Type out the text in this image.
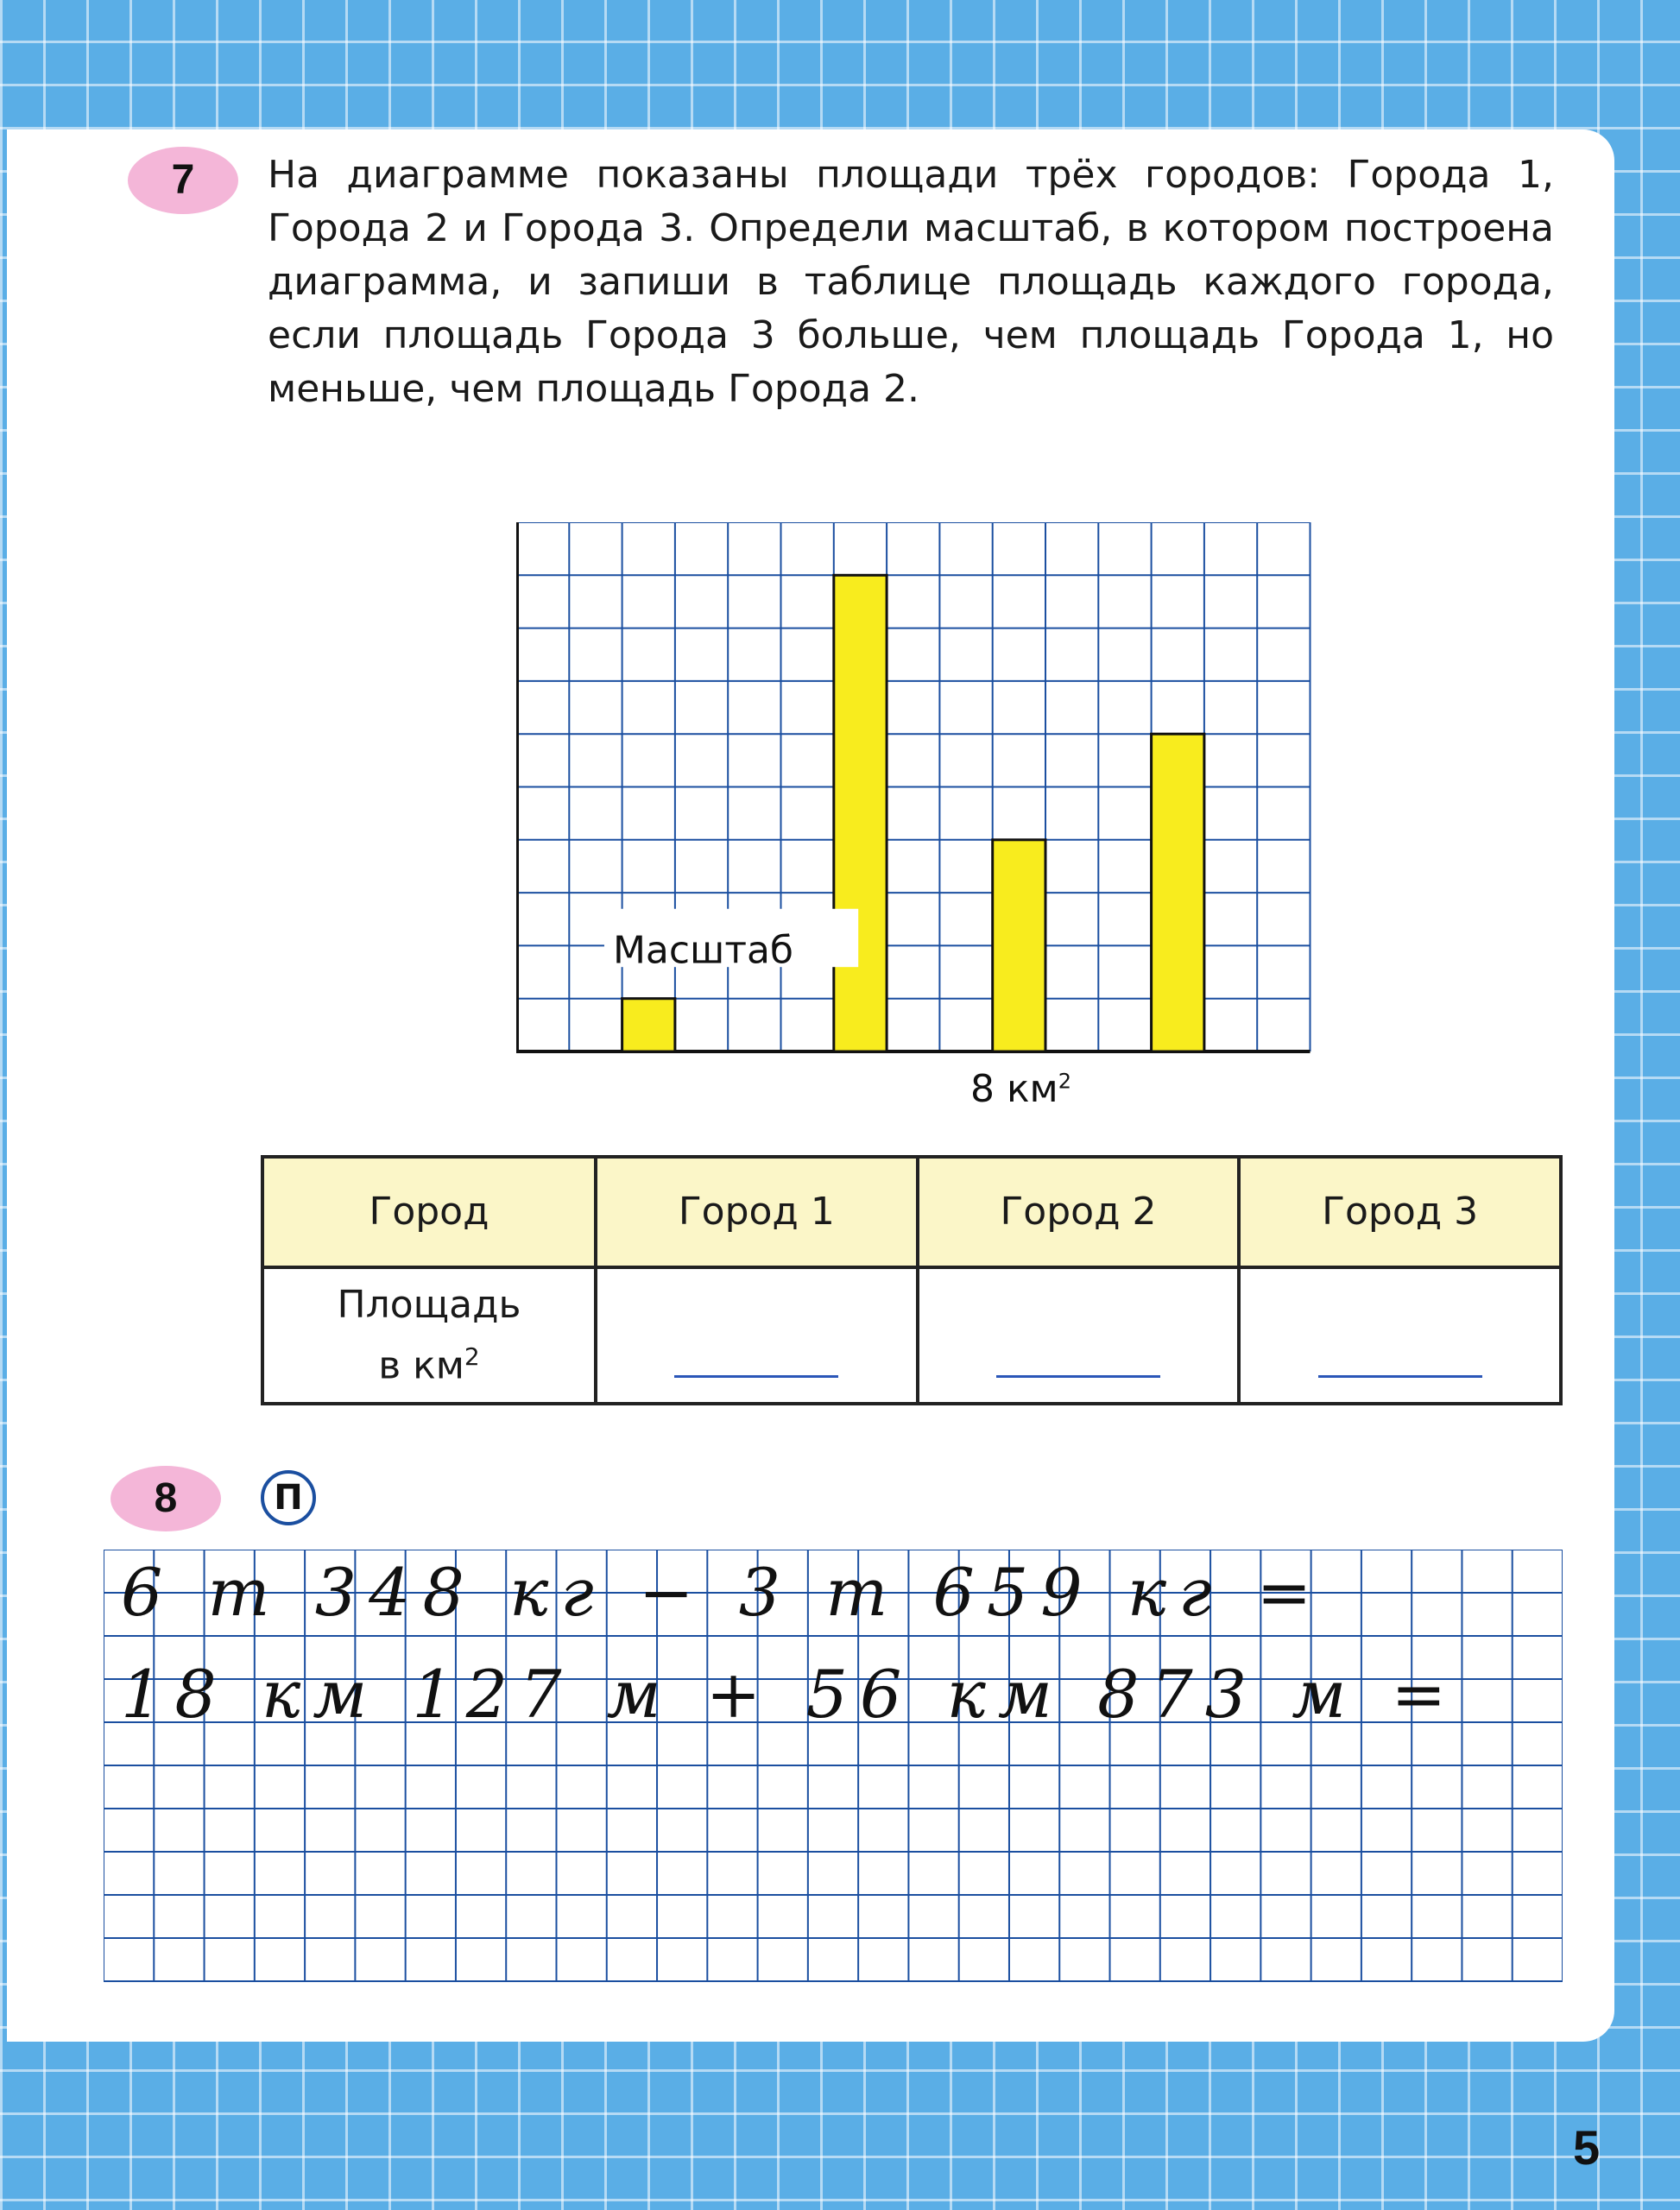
7	На диаграмме показаны площади трёх городов: Города 1, Города 2 и Города 3. Определи масштаб, в котором построена диаграмма, и запиши в таблице площадь каждого города, если площадь Города 3 больше, чем площадь Города 1, но меньше, чем площадь Города 2.

Масштаб
8 $км^2$
Город	Город 1	Город 2	Город 3

Площадь
в $км^2$

8	П
6 т 348 кг − 3 т 659 кг =
18 км 127 м + 56 км 873 м =
5
